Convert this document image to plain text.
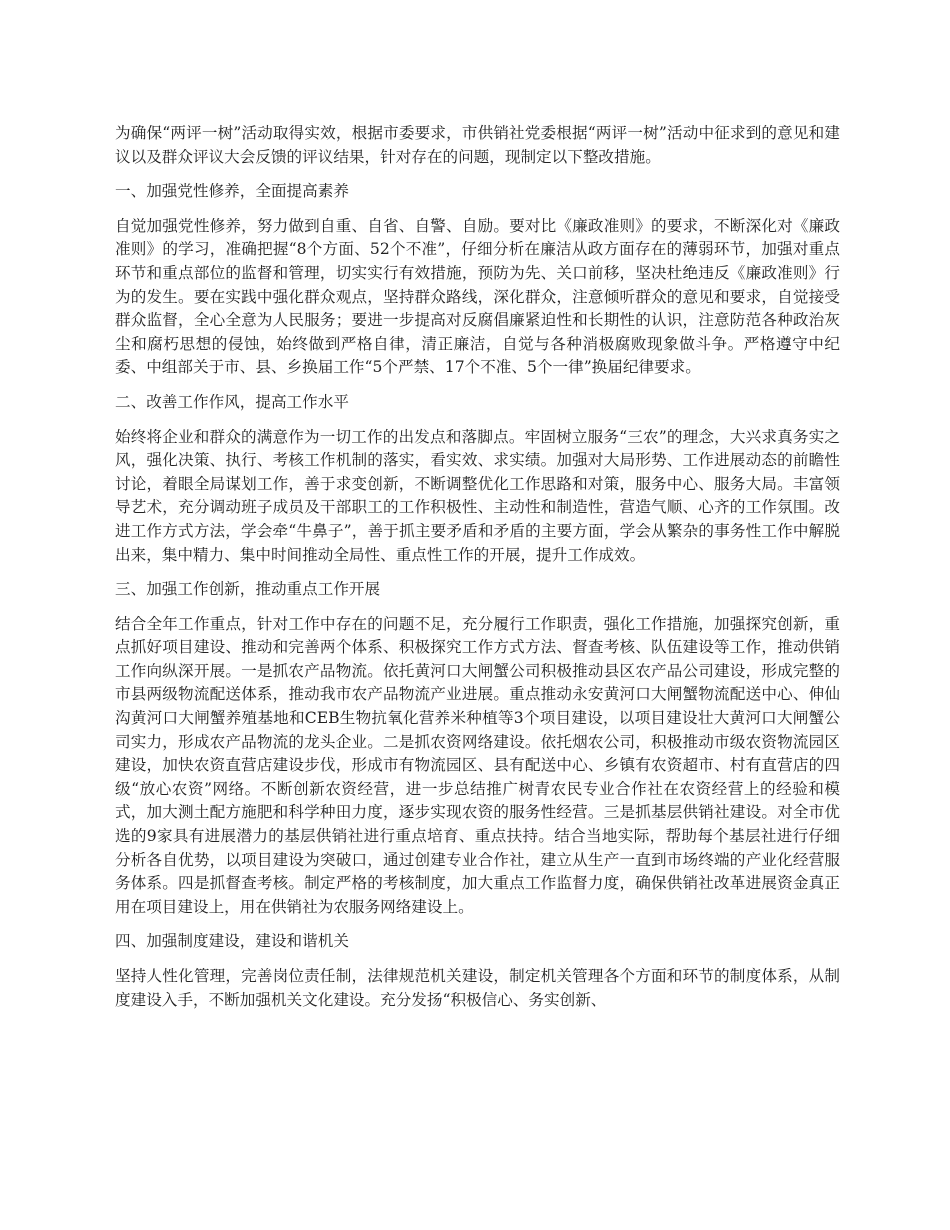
为确保“两评一树”活动取得实效，根据市委要求，市供销社党委根据“两评一树”活动中征求到的意见和建议以及群众评议大会反馈的评议结果，针对存在的问题，现制定以下整改措施。

一、加强党性修养，全面提高素养

自觉加强党性修养，努力做到自重、自省、自警、自励。要对比《廉政准则》的要求，不断深化对《廉政准则》的学习，准确把握“8个方面、52个不准”，仔细分析在廉洁从政方面存在的薄弱环节，加强对重点环节和重点部位的监督和管理，切实实行有效措施，预防为先、关口前移，坚决杜绝违反《廉政准则》行为的发生。要在实践中强化群众观点，坚持群众路线，深化群众，注意倾听群众的意见和要求，自觉接受群众监督，全心全意为人民服务；要进一步提高对反腐倡廉紧迫性和长期性的认识，注意防范各种政治灰尘和腐朽思想的侵蚀，始终做到严格自律，清正廉洁，自觉与各种消极腐败现象做斗争。严格遵守中纪委、中组部关于市、县、乡换届工作“5个严禁、17个不准、5个一律”换届纪律要求。

二、改善工作作风，提高工作水平

始终将企业和群众的满意作为一切工作的出发点和落脚点。牢固树立服务“三农”的理念，大兴求真务实之风，强化决策、执行、考核工作机制的落实，看实效、求实绩。加强对大局形势、工作进展动态的前瞻性讨论，着眼全局谋划工作，善于求变创新，不断调整优化工作思路和对策，服务中心、服务大局。丰富领导艺术，充分调动班子成员及干部职工的工作积极性、主动性和制造性，营造气顺、心齐的工作氛围。改进工作方式方法，学会牵“牛鼻子”，善于抓主要矛盾和矛盾的主要方面，学会从繁杂的事务性工作中解脱出来，集中精力、集中时间推动全局性、重点性工作的开展，提升工作成效。

三、加强工作创新，推动重点工作开展

结合全年工作重点，针对工作中存在的问题不足，充分履行工作职责，强化工作措施，加强探究创新，重点抓好项目建设、推动和完善两个体系、积极探究工作方式方法、督查考核、队伍建设等工作，推动供销工作向纵深开展。一是抓农产品物流。依托黄河口大闸蟹公司积极推动县区农产品公司建设，形成完整的市县两级物流配送体系，推动我市农产品物流产业进展。重点推动永安黄河口大闸蟹物流配送中心、伸仙沟黄河口大闸蟹养殖基地和CEB生物抗氧化营养米种植等3个项目建设，以项目建设壮大黄河口大闸蟹公司实力，形成农产品物流的龙头企业。二是抓农资网络建设。依托烟农公司，积极推动市级农资物流园区建设，加快农资直营店建设步伐，形成市有物流园区、县有配送中心、乡镇有农资超市、村有直营店的四级“放心农资”网络。不断创新农资经营，进一步总结推广树青农民专业合作社在农资经营上的经验和模式，加大测土配方施肥和科学种田力度，逐步实现农资的服务性经营。三是抓基层供销社建设。对全市优选的9家具有进展潜力的基层供销社进行重点培育、重点扶持。结合当地实际，帮助每个基层社进行仔细分析各自优势，以项目建设为突破口，通过创建专业合作社，建立从生产一直到市场终端的产业化经营服务体系。四是抓督查考核。制定严格的考核制度，加大重点工作监督力度，确保供销社改革进展资金真正用在项目建设上，用在供销社为农服务网络建设上。

四、加强制度建设，建设和谐机关

坚持人性化管理，完善岗位责任制，法律规范机关建设，制定机关管理各个方面和环节的制度体系，从制度建设入手，不断加强机关文化建设。充分发扬“积极信心、务实创新、
